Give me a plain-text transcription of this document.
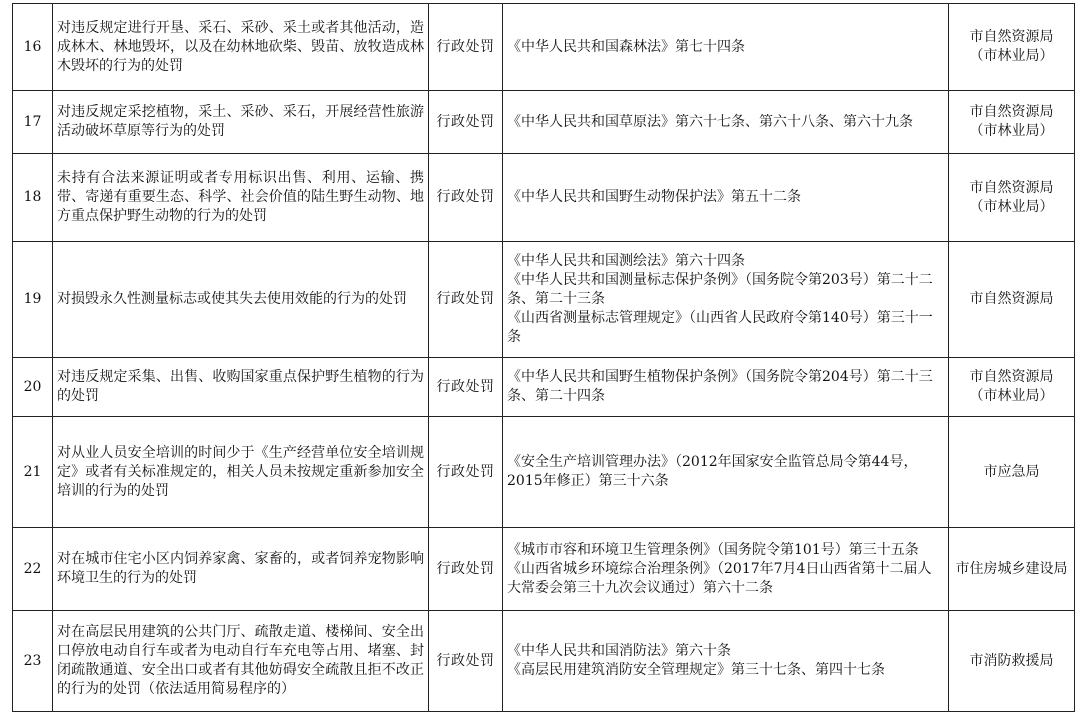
16	对违反规定进行开垦、采石、采砂、采土或者其他活动，造成林木、林地毁坏，以及在幼林地砍柴、毁苗、放牧造成林木毁坏的行为的处罚	行政处罚	《中华人民共和国森林法》第七十四条	市自然资源局
（市林业局）

17	对违反规定采挖植物，采土、采砂、采石，开展经营性旅游活动破坏草原等行为的处罚	行政处罚	《中华人民共和国草原法》第六十七条、第六十八条、第六十九条	市自然资源局
（市林业局）

18	未持有合法来源证明或者专用标识出售、利用、运输、携带、寄递有重要生态、科学、社会价值的陆生野生动物、地方重点保护野生动物的行为的处罚	行政处罚	《中华人民共和国野生动物保护法》第五十二条	市自然资源局
（市林业局）

19	对损毁永久性测量标志或使其失去使用效能的行为的处罚	行政处罚	《中华人民共和国测绘法》第六十四条
《中华人民共和国测量标志保护条例》（国务院令第203号）第二十二条、第二十三条
《山西省测量标志管理规定》（山西省人民政府令第140号）第三十一条	市自然资源局

20	对违反规定采集、出售、收购国家重点保护野生植物的行为的处罚	行政处罚	《中华人民共和国野生植物保护条例》（国务院令第204号）第二十三条、第二十四条	市自然资源局
（市林业局）

21	对从业人员安全培训的时间少于《生产经营单位安全培训规定》或者有关标准规定的，相关人员未按规定重新参加安全培训的行为的处罚	行政处罚	《安全生产培训管理办法》（2012年国家安全监管总局令第44号，2015年修正）第三十六条	市应急局

22	对在城市住宅小区内饲养家禽、家畜的，或者饲养宠物影响环境卫生的行为的处罚	行政处罚	《城市市容和环境卫生管理条例》（国务院令第101号）第三十五条
《山西省城乡环境综合治理条例》（2017年7月4日山西省第十二届人大常委会第三十九次会议通过）第六十二条	市住房城乡建设局

23	对在高层民用建筑的公共门厅、疏散走道、楼梯间、安全出口停放电动自行车或者为电动自行车充电等占用、堵塞、封闭疏散通道、安全出口或者有其他妨碍安全疏散且拒不改正的行为的处罚（依法适用简易程序的）	行政处罚	《中华人民共和国消防法》第六十条
《高层民用建筑消防安全管理规定》第三十七条、第四十七条	市消防救援局
